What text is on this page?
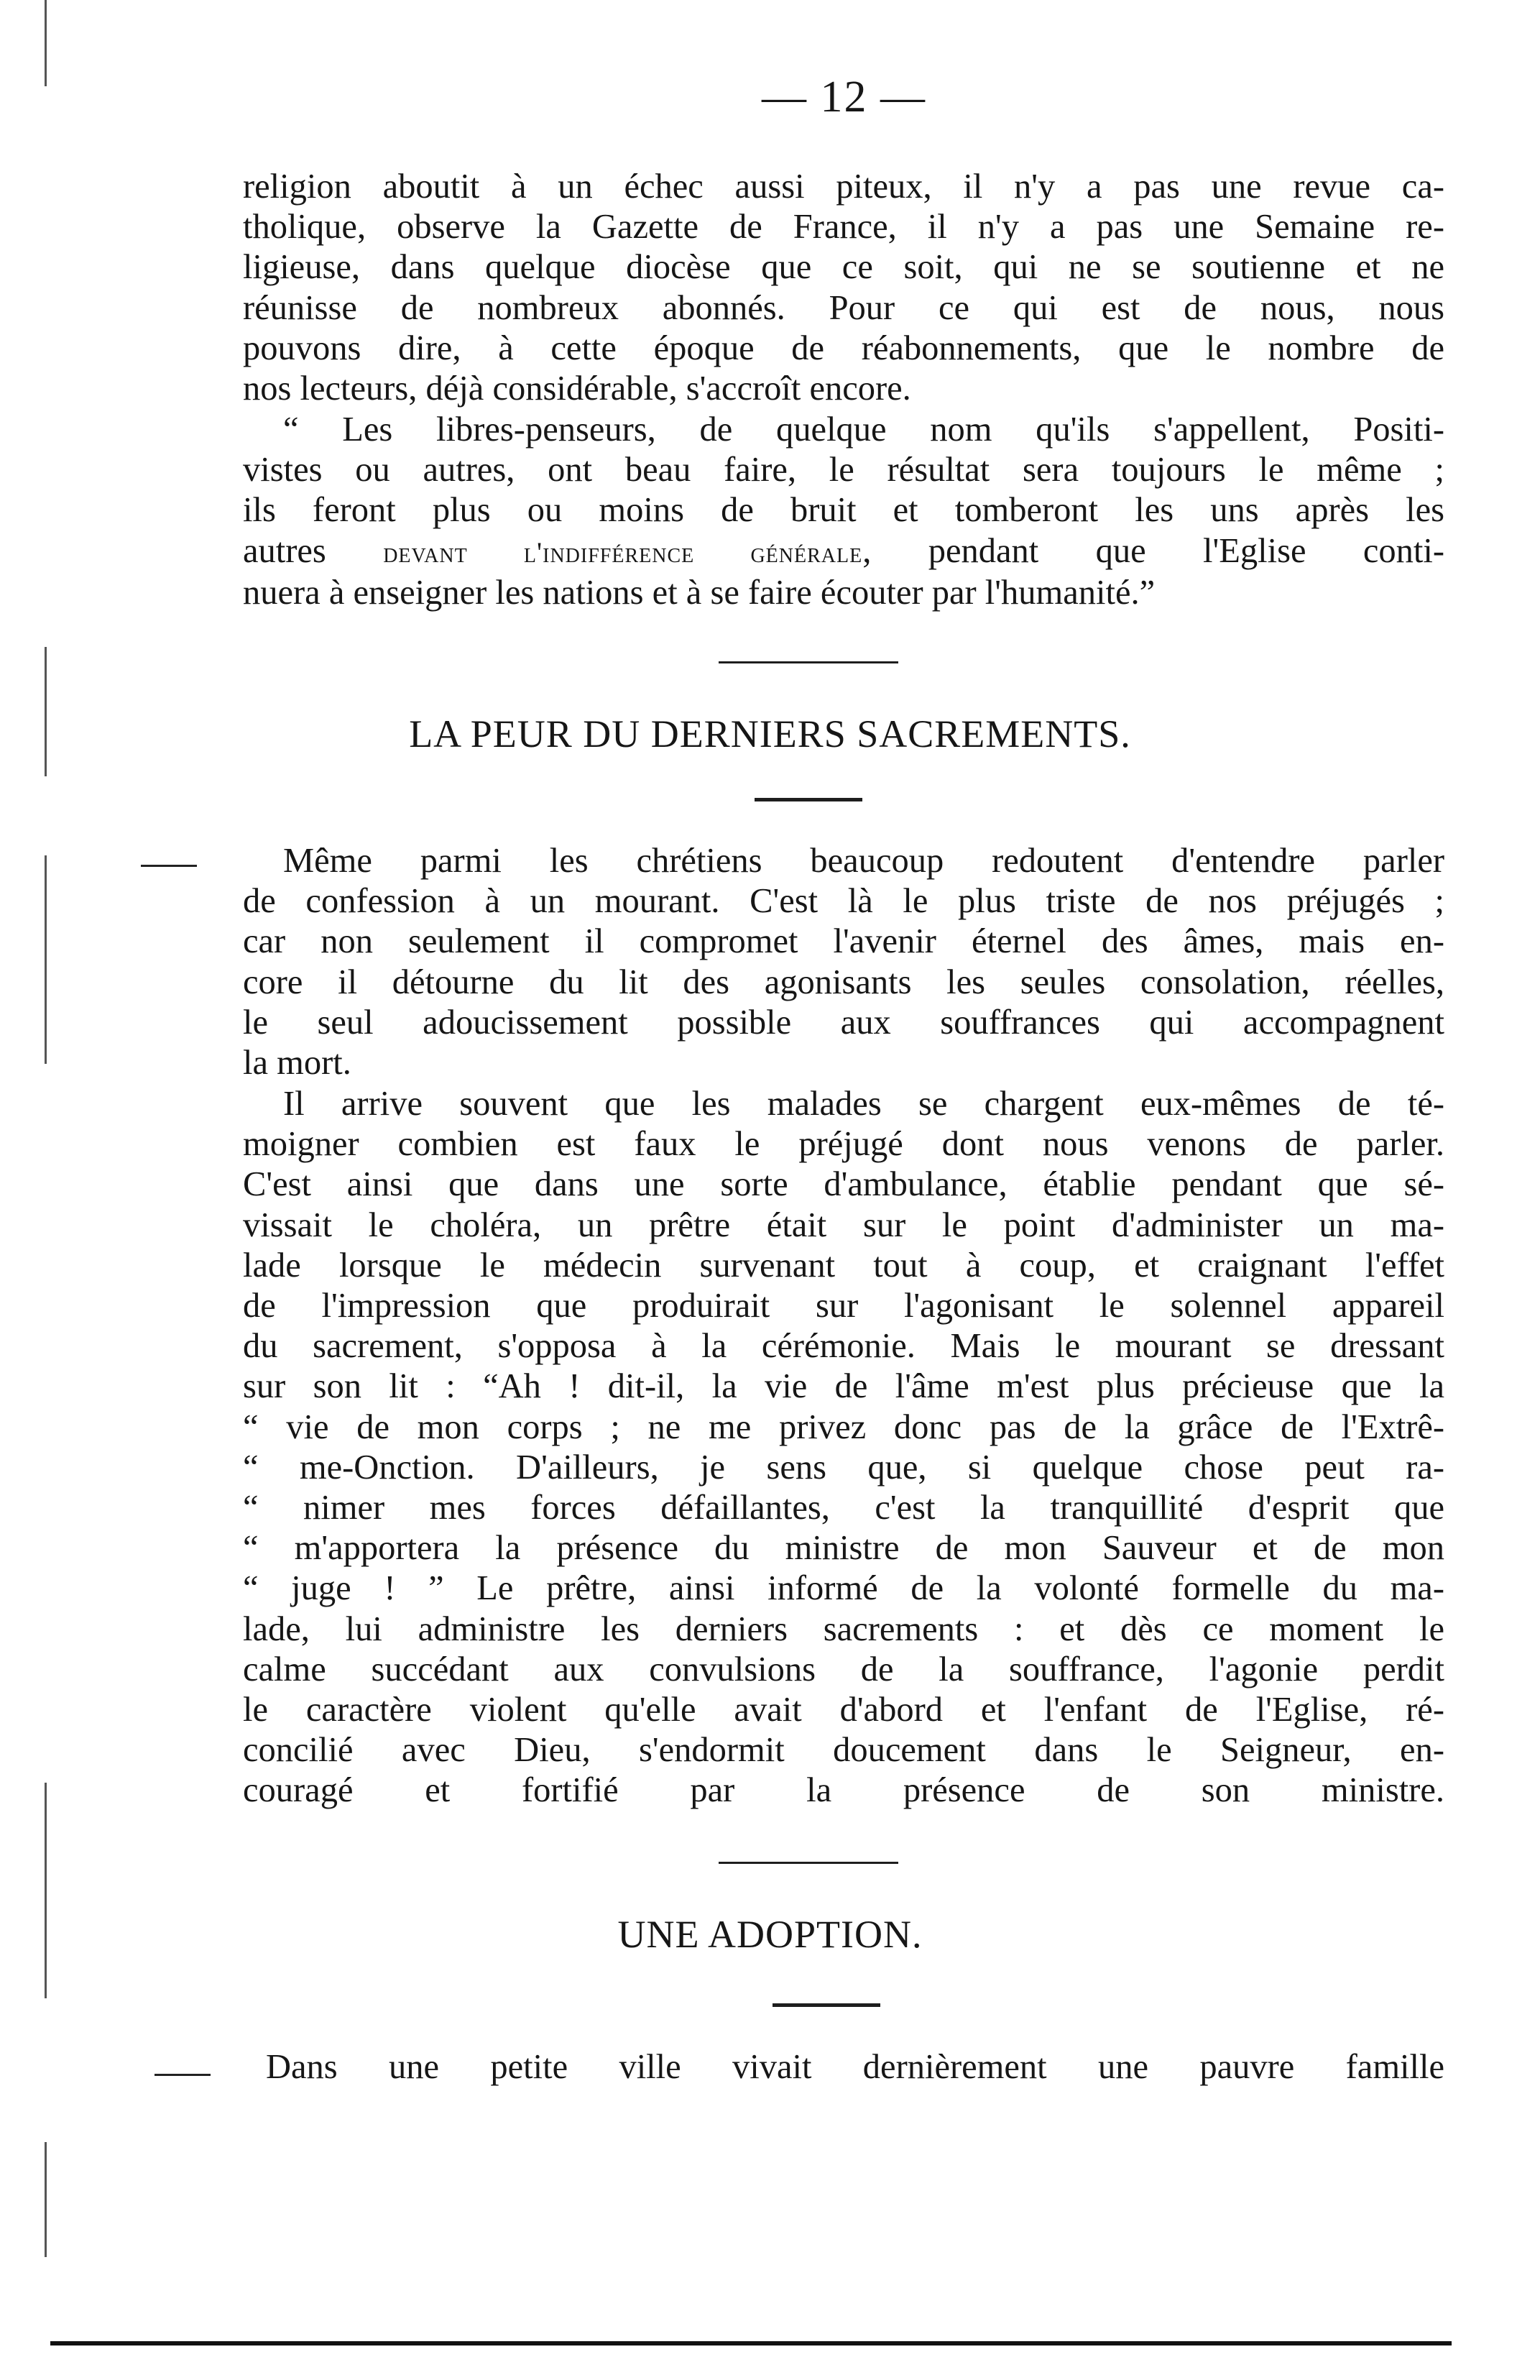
— 12 —
religion aboutit à un échec aussi piteux, il n'y a pas une revue ca-
tholique, observe la Gazette de France, il n'y a pas une Semaine re-
ligieuse, dans quelque diocèse que ce soit, qui ne se soutienne et ne
réunisse de nombreux abonnés. Pour ce qui est de nous, nous
pouvons dire, à cette époque de réabonnements, que le nombre de
nos lecteurs, déjà considérable, s'accroît encore.
“ Les libres-penseurs, de quelque nom qu'ils s'appellent, Positi-
vistes ou autres, ont beau faire, le résultat sera toujours le même ;
ils feront plus ou moins de bruit et tomberont les uns après les
autres devant l'indifférence générale, pendant que l'Eglise conti-
nuera à enseigner les nations et à se faire écouter par l'humanité.”
LA PEUR DU DERNIERS SACREMENTS.
Même parmi les chrétiens beaucoup redoutent d'entendre parler
de confession à un mourant. C'est là le plus triste de nos préjugés ;
car non seulement il compromet l'avenir éternel des âmes, mais en-
core il détourne du lit des agonisants les seules consolation, réelles,
le seul adoucissement possible aux souffrances qui accompagnent
la mort.
Il arrive souvent que les malades se chargent eux-mêmes de té-
moigner combien est faux le préjugé dont nous venons de parler.
C'est ainsi que dans une sorte d'ambulance, établie pendant que sé-
vissait le choléra, un prêtre était sur le point d'administer un ma-
lade lorsque le médecin survenant tout à coup, et craignant l'effet
de l'impression que produirait sur l'agonisant le solennel appareil
du sacrement, s'opposa à la cérémonie. Mais le mourant se dressant
sur son lit : “Ah ! dit-il, la vie de l'âme m'est plus précieuse que la
“ vie de mon corps ; ne me privez donc pas de la grâce de l'Extrê-
“ me-Onction. D'ailleurs, je sens que, si quelque chose peut ra-
“ nimer mes forces défaillantes, c'est la tranquillité d'esprit que
“ m'apportera la présence du ministre de mon Sauveur et de mon
“ juge ! ” Le prêtre, ainsi informé de la volonté formelle du ma-
lade, lui administre les derniers sacrements : et dès ce moment le
calme succédant aux convulsions de la souffrance, l'agonie perdit
le caractère violent qu'elle avait d'abord et l'enfant de l'Eglise, ré-
concilié avec Dieu, s'endormit doucement dans le Seigneur, en-
couragé et fortifié par la présence de son ministre.
UNE ADOPTION.
Dans une petite ville vivait dernièrement une pauvre famille
